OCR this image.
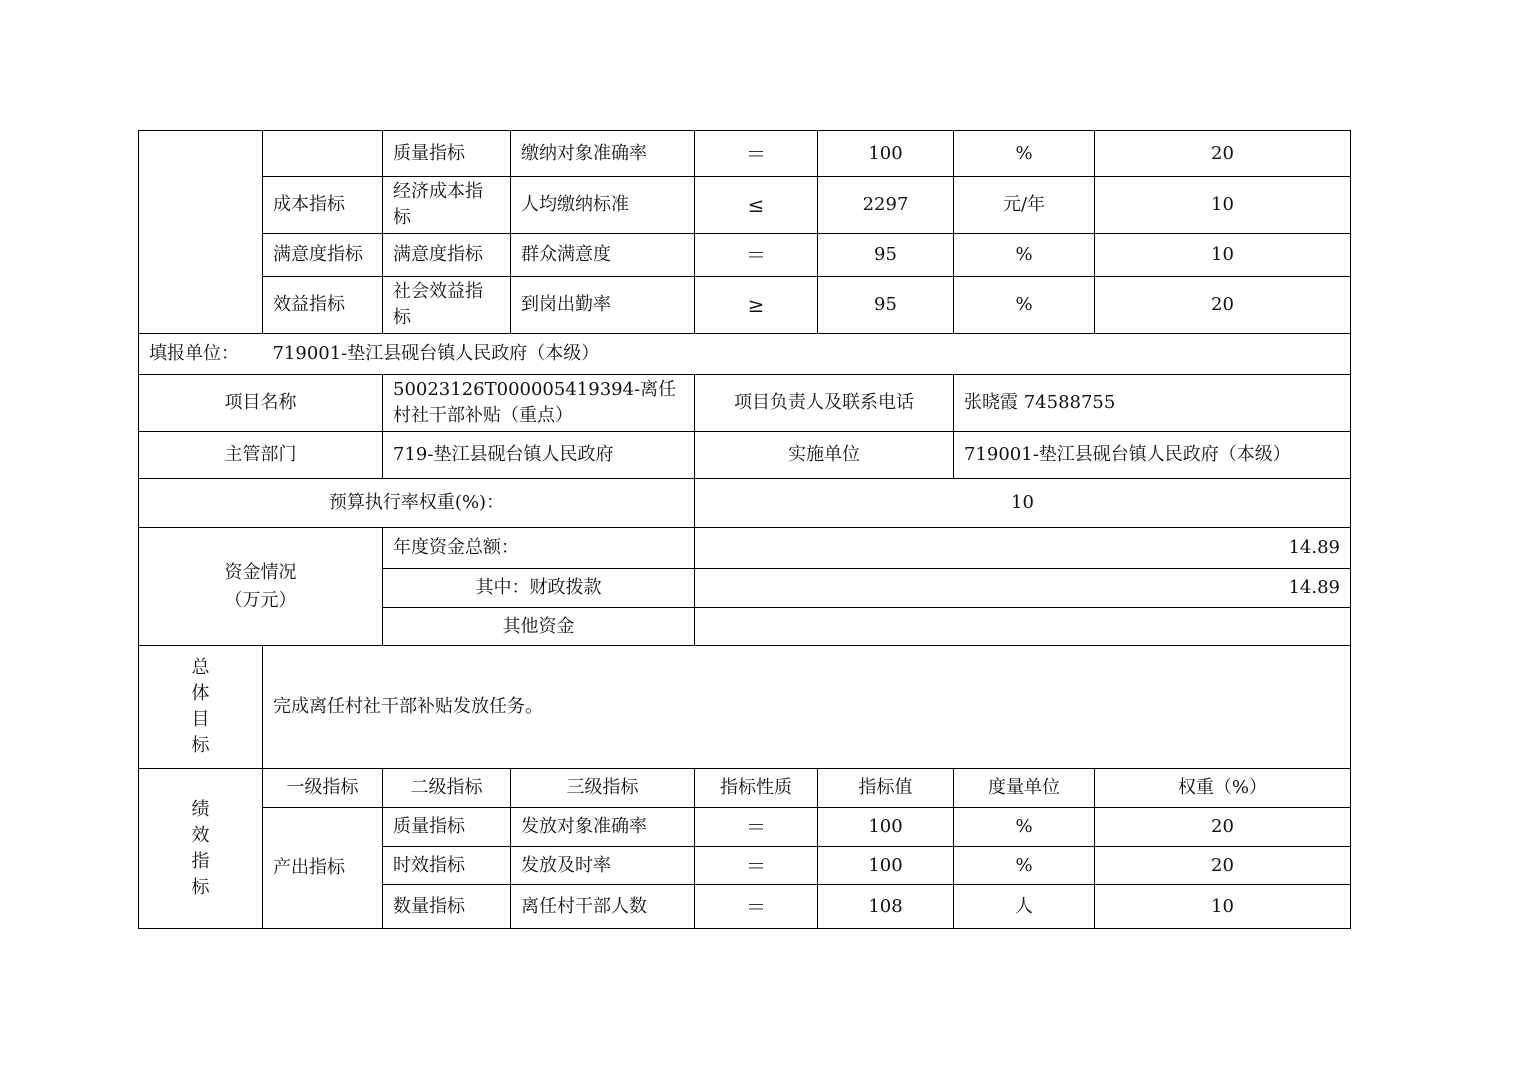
		质量指标	缴纳对象准确率	＝	100	%	20
	成本指标	经济成本指标	人均缴纳标准	≤	2297	元/年	10
	满意度指标	满意度指标	群众满意度	＝	95	%	10
	效益指标	社会效益指标	到岗出勤率	≥	95	%	20
填报单位： 719001-垫江县砚台镇人民政府（本级）							
项目名称		50023126T000005419394-离任村社干部补贴（重点）		项目负责人及联系电话		张晓霞 74588755	
主管部门		719-垫江县砚台镇人民政府		实施单位		719001-垫江县砚台镇人民政府（本级）	
预算执行率权重(%)：				10			

资金情况
（万元）		年度资金总额：		14.89			
		其中：财政拨款		14.89			
		其他资金					

总
体
目
标	完成离任村社干部补贴发放任务。						

绩
效
指
标	一级指标	二级指标	三级指标	指标性质	指标值	度量单位	权重（%）
	产出指标	质量指标	发放对象准确率	＝	100	%	20
		时效指标	发放及时率	＝	100	%	20
		数量指标	离任村干部人数	＝	108	人	10
